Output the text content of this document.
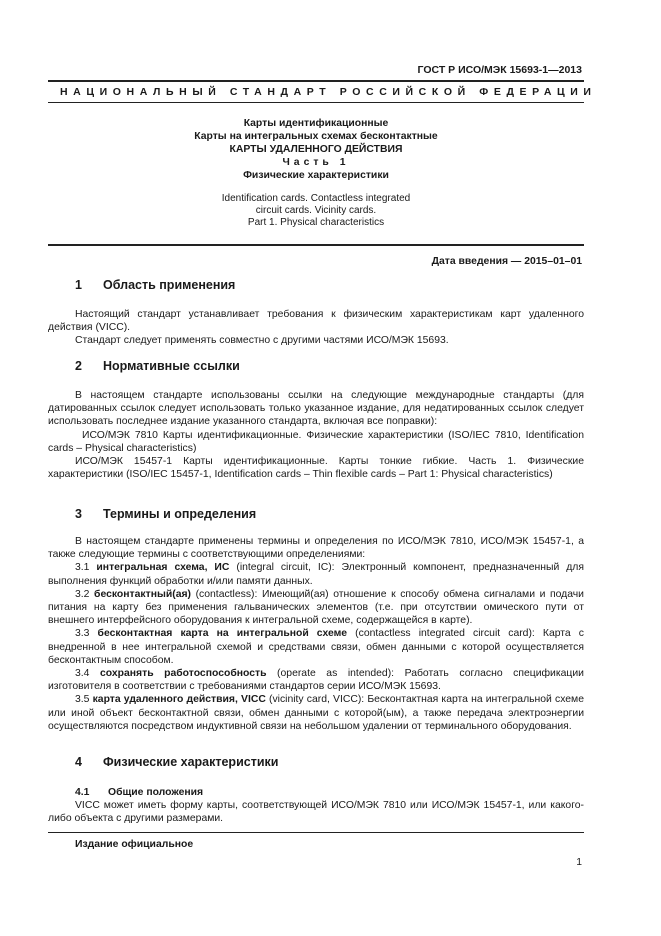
ГОСТ Р ИСО/МЭК 15693-1—2013
НАЦИОНАЛЬНЫЙ СТАНДАРТ РОССИЙСКОЙ ФЕДЕРАЦИИ
Карты идентификационные
Карты на интегральных схемах бесконтактные
КАРТЫ УДАЛЕННОГО ДЕЙСТВИЯ
Часть 1
Физические характеристики
Identification cards. Contactless integrated
circuit cards. Vicinity cards.
Part 1. Physical characteristics
Дата введения — 2015–01–01
1 Область применения

Настоящий стандарт устанавливает требования к физическим характеристикам карт удаленного действия (VICC).

Стандарт следует применять совместно с другими частями ИСО/МЭК 15693.

2 Нормативные ссылки

В настоящем стандарте использованы ссылки на следующие международные стандарты (для датированных ссылок следует использовать только указанное издание, для недатированных ссылок следует использовать последнее издание указанного стандарта, включая все поправки):

ИСО/МЭК 7810 Карты идентификационные. Физические характеристики (ISO/IEC 7810, Identification cards – Physical characteristics)

ИСО/МЭК 15457-1 Карты идентификационные. Карты тонкие гибкие. Часть 1. Физические характеристики (ISO/IEC 15457-1, Identification cards – Thin flexible cards – Part 1: Physical characteristics)

3 Термины и определения

В настоящем стандарте применены термины и определения по ИСО/МЭК 7810, ИСО/МЭК 15457-1, а также следующие термины с соответствующими определениями:

3.1 интегральная схема, ИС (integral circuit, IC): Электронный компонент, предназначенный для выполнения функций обработки и/или памяти данных.

3.2 бесконтактный(ая) (contactless): Имеющий(ая) отношение к способу обмена сигналами и подачи питания на карту без применения гальванических элементов (т.е. при отсутствии омического пути от внешнего интерфейсного оборудования к интегральной схеме, содержащейся в карте).

3.3 бесконтактная карта на интегральной схеме (contactless integrated circuit card): Карта с внедренной в нее интегральной схемой и средствами связи, обмен данными с которой осуществляется бесконтактным способом.

3.4 сохранять работоспособность (operate as intended): Работать согласно спецификации изготовителя в соответствии с требованиями стандартов серии ИСО/МЭК 15693.

3.5 карта удаленного действия, VICC (vicinity card, VICC): Бесконтактная карта на интегральной схеме или иной объект бесконтактной связи, обмен данными с которой(ым), а также передача электроэнергии осуществляются посредством индуктивной связи на небольшом удалении от терминального оборудования.

4 Физические характеристики
4.1 Общие положения

VICC может иметь форму карты, соответствующей ИСО/МЭК 7810 или ИСО/МЭК 15457-1, или какого-либо объекта с другими размерами.

Издание официальное
1
